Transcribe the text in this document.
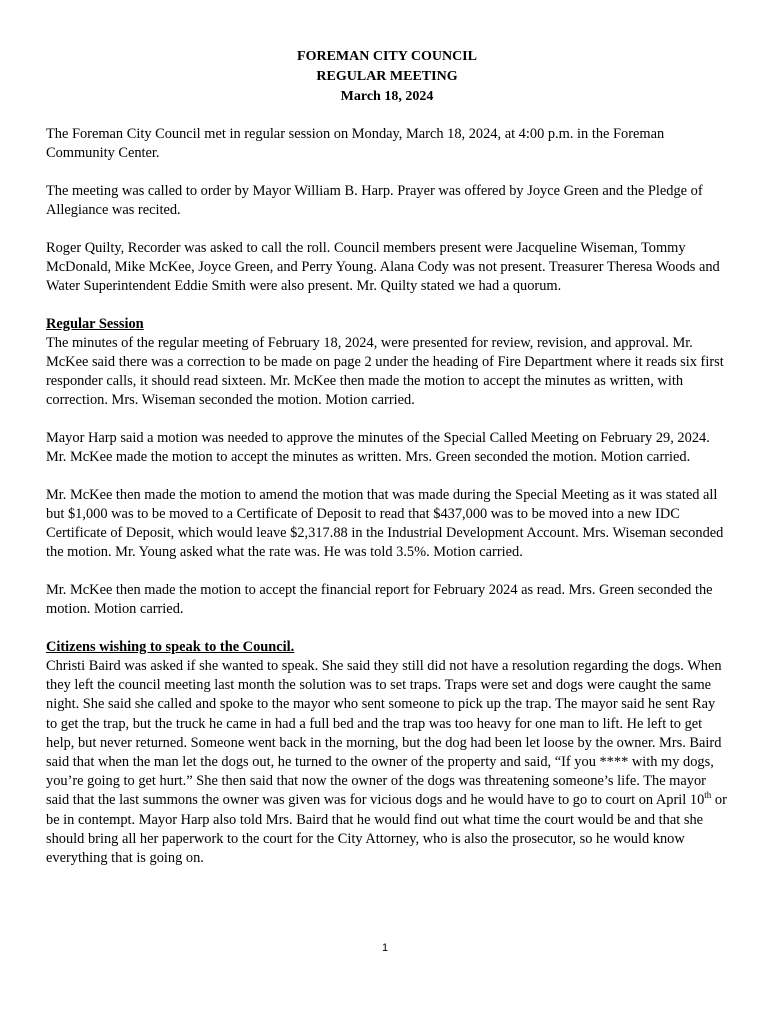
FOREMAN CITY COUNCIL
REGULAR MEETING
March 18, 2024

The Foreman City Council met in regular session on Monday, March 18, 2024, at 4:00 p.m. in the Foreman Community Center.

The meeting was called to order by Mayor William B. Harp. Prayer was offered by Joyce Green and the Pledge of Allegiance was recited.

Roger Quilty, Recorder was asked to call the roll. Council members present were Jacqueline Wiseman, Tommy McDonald, Mike McKee, Joyce Green, and Perry Young. Alana Cody was not present. Treasurer Theresa Woods and Water Superintendent Eddie Smith were also present. Mr. Quilty stated we had a quorum.

Regular Session

The minutes of the regular meeting of February 18, 2024, were presented for review, revision, and approval. Mr. McKee said there was a correction to be made on page 2 under the heading of Fire Department where it reads six first responder calls, it should read sixteen. Mr. McKee then made the motion to accept the minutes as written, with correction. Mrs. Wiseman seconded the motion. Motion carried.

Mayor Harp said a motion was needed to approve the minutes of the Special Called Meeting on February 29, 2024. Mr. McKee made the motion to accept the minutes as written. Mrs. Green seconded the motion. Motion carried.

Mr. McKee then made the motion to amend the motion that was made during the Special Meeting as it was stated all but $1,000 was to be moved to a Certificate of Deposit to read that $437,000 was to be moved into a new IDC Certificate of Deposit, which would leave $2,317.88 in the Industrial Development Account. Mrs. Wiseman seconded the motion. Mr. Young asked what the rate was. He was told 3.5%. Motion carried.

Mr. McKee then made the motion to accept the financial report for February 2024 as read. Mrs. Green seconded the motion. Motion carried.

Citizens wishing to speak to the Council.

Christi Baird was asked if she wanted to speak. She said they still did not have a resolution regarding the dogs. When they left the council meeting last month the solution was to set traps. Traps were set and dogs were caught the same night. She said she called and spoke to the mayor who sent someone to pick up the trap. The mayor said he sent Ray to get the trap, but the truck he came in had a full bed and the trap was too heavy for one man to lift. He left to get help, but never returned. Someone went back in the morning, but the dog had been let loose by the owner. Mrs. Baird said that when the man let the dogs out, he turned to the owner of the property and said, “If you **** with my dogs, you’re going to get hurt.” She then said that now the owner of the dogs was threatening someone’s life. The mayor said that the last summons the owner was given was for vicious dogs and he would have to go to court on April 10th or be in contempt. Mayor Harp also told Mrs. Baird that he would find out what time the court would be and that she should bring all her paperwork to the court for the City Attorney, who is also the prosecutor, so he would know everything that is going on.

1
